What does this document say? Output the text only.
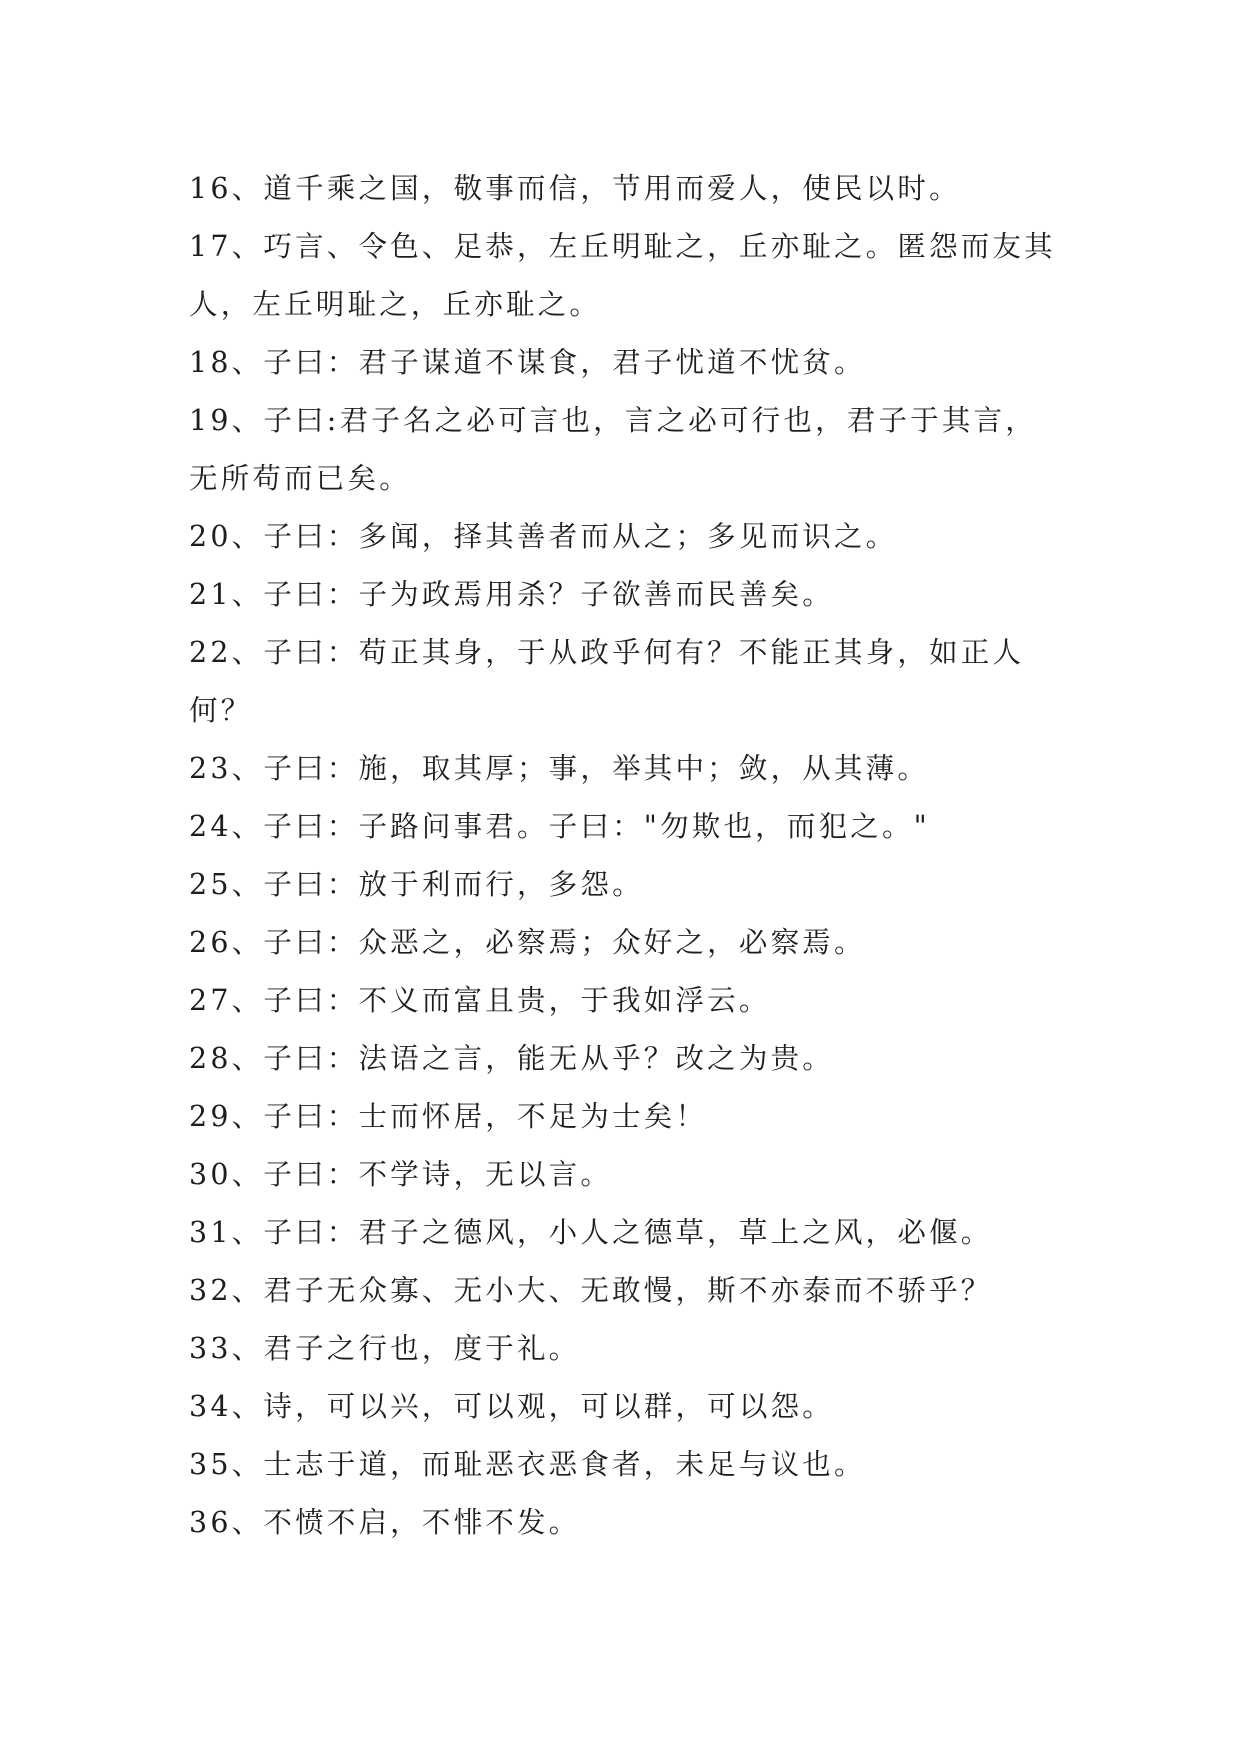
16、道千乘之国，敬事而信，节用而爱人，使民以时。

17、巧言、令色、足恭，左丘明耻之，丘亦耻之。匿怨而友其人，左丘明耻之，丘亦耻之。

18、子曰：君子谋道不谋食，君子忧道不忧贫。

19、子曰:君子名之必可言也，言之必可行也，君子于其言，无所苟而已矣。

20、子曰：多闻，择其善者而从之；多见而识之。

21、子曰：子为政焉用杀？子欲善而民善矣。

22、子曰：苟正其身，于从政乎何有？不能正其身，如正人何？

23、子曰：施，取其厚；事，举其中；敛，从其薄。

24、子曰：子路问事君。子曰："勿欺也，而犯之。"

25、子曰：放于利而行，多怨。

26、子曰：众恶之，必察焉；众好之，必察焉。

27、子曰：不义而富且贵，于我如浮云。

28、子曰：法语之言，能无从乎？改之为贵。

29、子曰：士而怀居，不足为士矣！

30、子曰：不学诗，无以言。

31、子曰：君子之德风，小人之德草，草上之风，必偃。

32、君子无众寡、无小大、无敢慢，斯不亦泰而不骄乎？

33、君子之行也，度于礼。

34、诗，可以兴，可以观，可以群，可以怨。

35、士志于道，而耻恶衣恶食者，未足与议也。

36、不愤不启，不悱不发。
